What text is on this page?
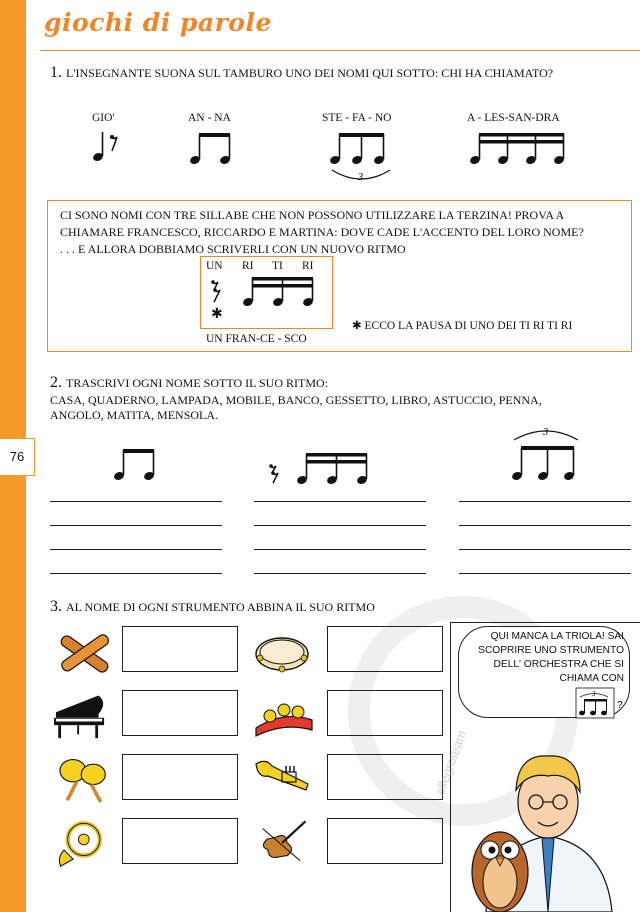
76
giochi di parole
1. L'INSEGNANTE SUONA SUL TAMBURO UNO DEI NOMI QUI SOTTO: CHI HA CHIAMATO?
GIO'	AN - NA	STE - FA - NO	A - LES-SAN-DRA
3

CI SONO NOMI CON TRE SILLABE CHE NON POSSONO UTILIZZARE LA TERZINA! PROVA A CHIAMARE FRANCESCO, RICCARDO E MARTINA: DOVE CADE L'ACCENTO DEL LORO NOME?

. . . E ALLORA DOBBIAMO SCRIVERLI CON UN NUOVO RITMO

UN RI TI RI
✱
UN FRAN-CE - SCO
✱ ECCO LA PAUSA DI UNO DEI TI RI TI RI
2. TRASCRIVI OGNI NOME SOTTO IL SUO RITMO:
CASA, QUADERNO, LAMPADA, MOBILE, BANCO, GESSETTO, LIBRO, ASTUCCIO, PENNA,
ANGOLO, MATITA, MENSOLA.
3
3. AL NOME DI OGNI STRUMENTO ABBINA IL SUO RITMO
QUI MANCA LA TRIOLA! SAI SCOPRIRE UNO STRUMENTO DELL' ORCHESTRA CHE SI CHIAMA CON
3
?
allegroteam
